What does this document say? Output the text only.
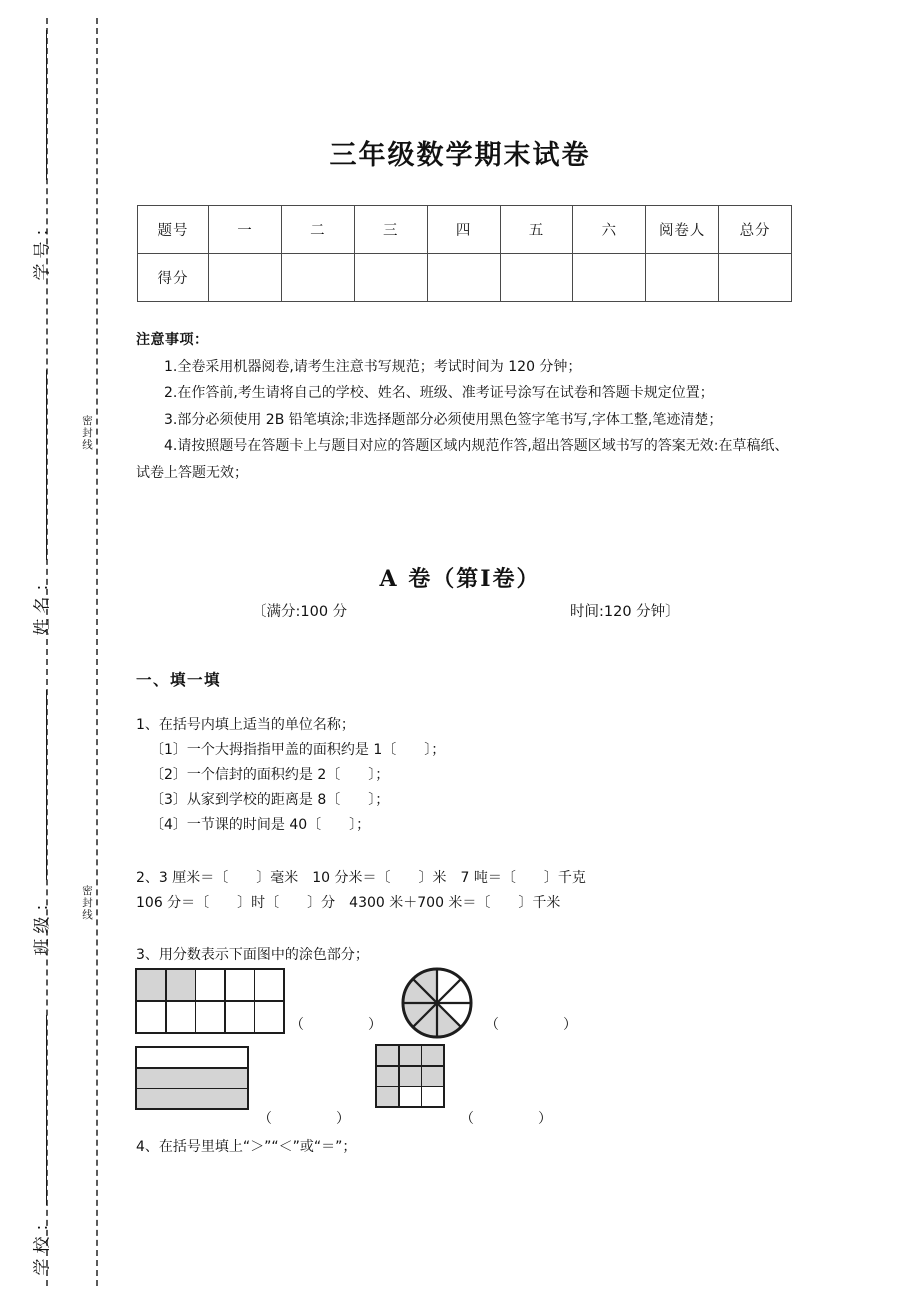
密
封
线
密
封
线
学号：
姓名：
班级：
学校：
三年级数学期末试卷
题号	一	二	三	四	五	六	阅卷人	总分
得分								
注意事项：

1.全卷采用机器阅卷,请考生注意书写规范；考试时间为 120 分钟；

2.在作答前,考生请将自己的学校、姓名、班级、准考证号涂写在试卷和答题卡规定位置；

3.部分必须使用 2B 铅笔填涂;非选择题部分必须使用黑色签字笔书写,字体工整,笔迹清楚；

4.请按照题号在答题卡上与题目对应的答题区域内规范作答,超出答题区域书写的答案无效:在草稿纸、试卷上答题无效；

A 卷（第Ⅰ卷）
〔满分:100 分	时间:120 分钟〕
一、填一填
1、在括号内填上适当的单位名称；
〔1〕一个大拇指指甲盖的面积约是 1〔　　〕；
〔2〕一个信封的面积约是 2〔　　〕；
〔3〕从家到学校的距离是 8〔　　〕；
〔4〕一节课的时间是 40〔　　〕；
2、3 厘米＝〔　　〕毫米　10 分米＝〔　　〕米　7 吨＝〔　　〕千克
106 分＝〔　　〕时〔　　〕分　4300 米＋700 米＝〔　　〕千米
3、用分数表示下面图中的涂色部分；
（　　）	（　　）
（　　）	（　　）
4、在括号里填上“＞”“＜”或“＝”；
